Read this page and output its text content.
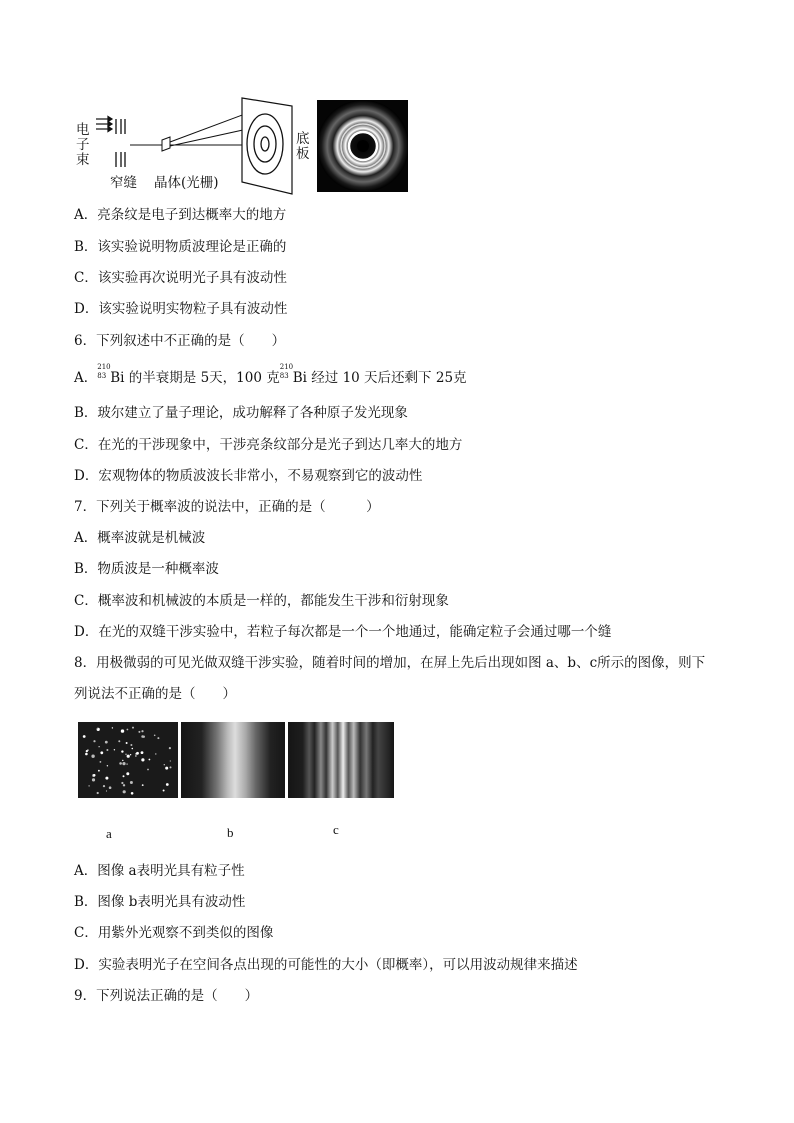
电
子
束
窄缝 晶体(光栅)
底
板
A．亮条纹是电子到达概率大的地方
B．该实验说明物质波理论是正确的
C．该实验再次说明光子具有波动性
D．该实验说明实物粒子具有波动性
6．下列叙述中不正确的是（　　）
A．
210
83 Bi 的半衰期是 5天，100 克
210
83 Bi 经过 10 天后还剩下 25克
B．玻尔建立了量子理论，成功解释了各种原子发光现象
C．在光的干涉现象中，干涉亮条纹部分是光子到达几率大的地方
D．宏观物体的物质波波长非常小，不易观察到它的波动性
7．下列关于概率波的说法中，正确的是（　　　）
A．概率波就是机械波
B．物质波是一种概率波
C．概率波和机械波的本质是一样的，都能发生干涉和衍射现象
D．在光的双缝干涉实验中，若粒子每次都是一个一个地通过，能确定粒子会通过哪一个缝
8．用极微弱的可见光做双缝干涉实验，随着时间的增加，在屏上先后出现如图 a、b、c所示的图像，则下
列说法不正确的是（　　）
a	b	c
A．图像 a表明光具有粒子性
B．图像 b表明光具有波动性
C．用紫外光观察不到类似的图像
D．实验表明光子在空间各点出现的可能性的大小（即概率），可以用波动规律来描述
9．下列说法正确的是（　　）
